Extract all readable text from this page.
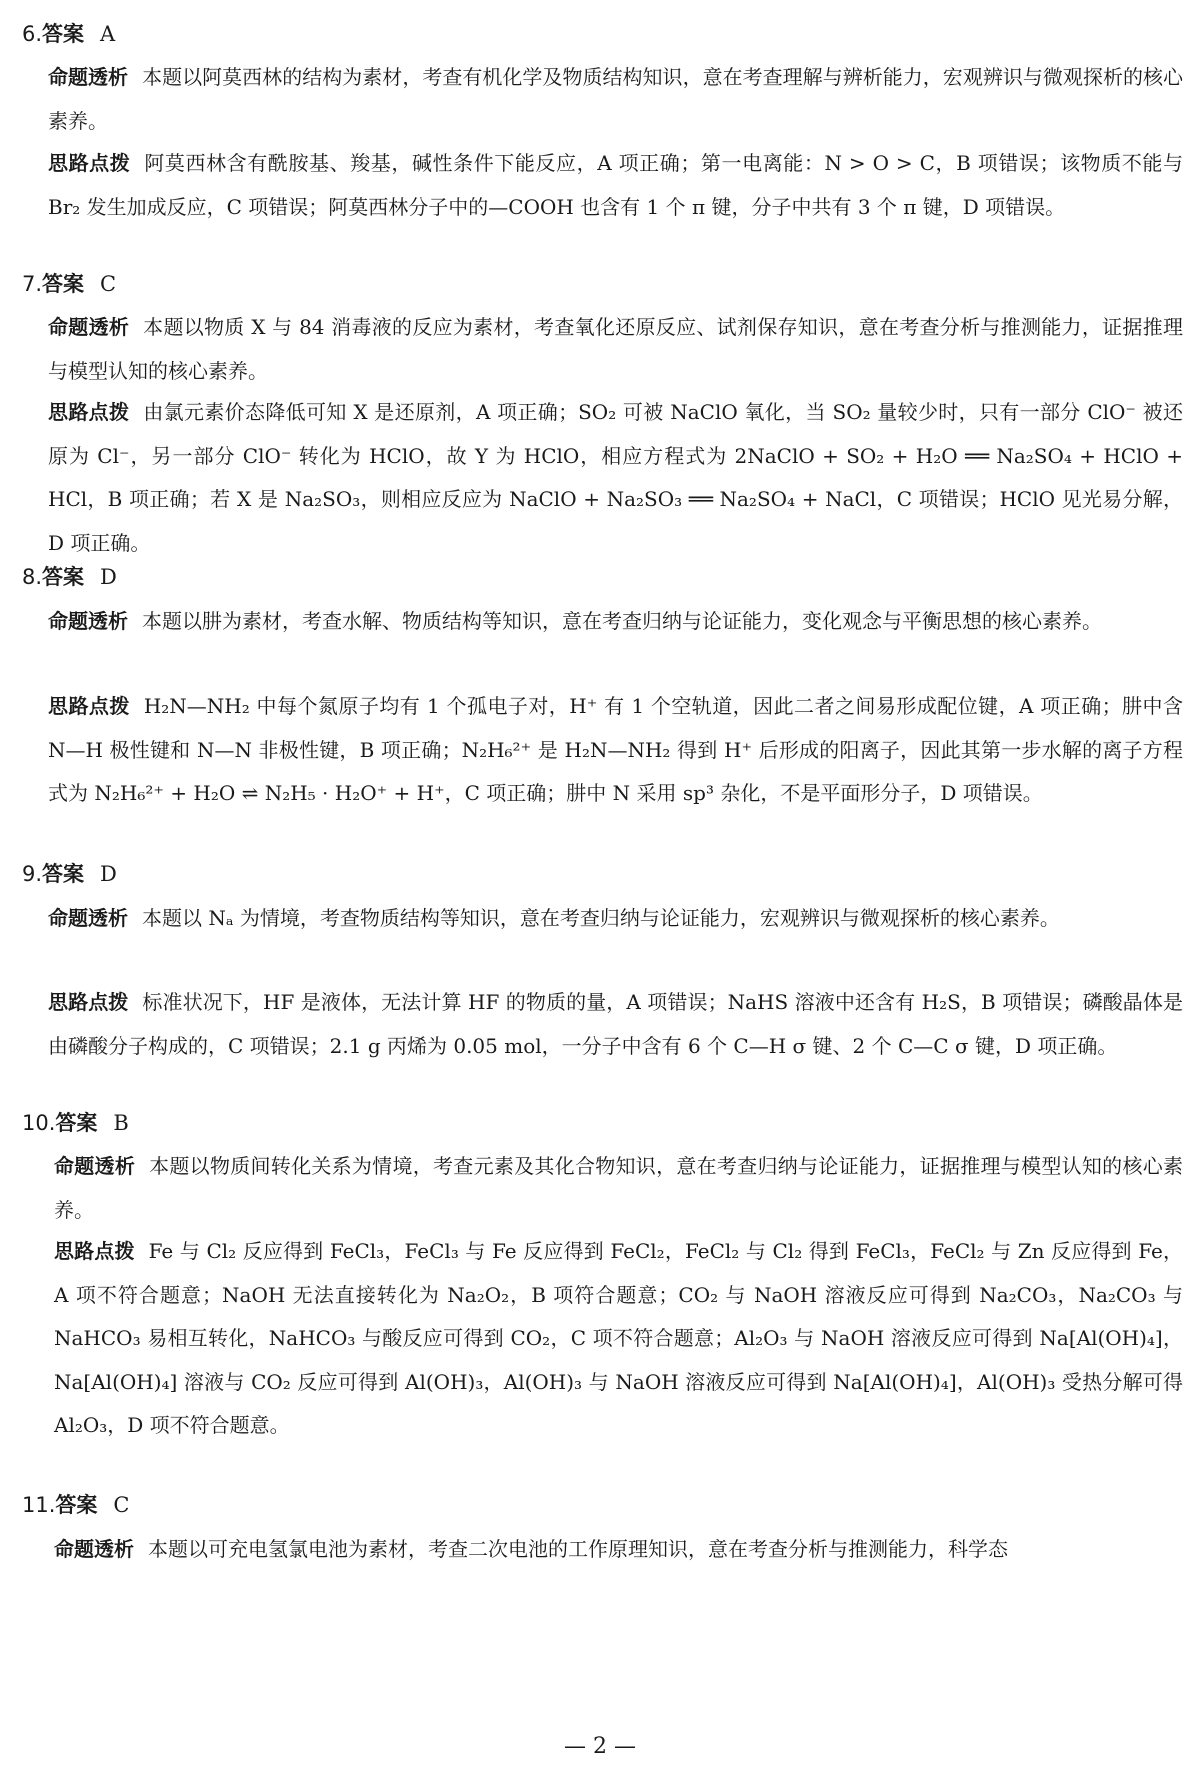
6.答案 A
命题透析 本题以阿莫西林的结构为素材，考查有机化学及物质结构知识，意在考查理解与辨析能力，宏观辨识与微观探析的核心素养。
思路点拨 阿莫西林含有酰胺基、羧基，碱性条件下能反应，A 项正确；第一电离能：N > O > C，B 项错误；该物质不能与 Br₂ 发生加成反应，C 项错误；阿莫西林分子中的—COOH 也含有 1 个 π 键，分子中共有 3 个 π 键，D 项错误。
7.答案 C
命题透析 本题以物质 X 与 84 消毒液的反应为素材，考查氧化还原反应、试剂保存知识，意在考查分析与推测能力，证据推理与模型认知的核心素养。
思路点拨 由氯元素价态降低可知 X 是还原剂，A 项正确；SO₂ 可被 NaClO 氧化，当 SO₂ 量较少时，只有一部分 ClO⁻ 被还原为 Cl⁻，另一部分 ClO⁻ 转化为 HClO，故 Y 为 HClO，相应方程式为 2NaClO + SO₂ + H₂O ══ Na₂SO₄ + HClO + HCl，B 项正确；若 X 是 Na₂SO₃，则相应反应为 NaClO + Na₂SO₃ ══ Na₂SO₄ + NaCl，C 项错误；HClO 见光易分解，D 项正确。
8.答案 D
命题透析 本题以肼为素材，考查水解、物质结构等知识，意在考查归纳与论证能力，变化观念与平衡思想的核心素养。
思路点拨 H₂N—NH₂ 中每个氮原子均有 1 个孤电子对，H⁺ 有 1 个空轨道，因此二者之间易形成配位键，A 项正确；肼中含 N—H 极性键和 N—N 非极性键，B 项正确；N₂H₆²⁺ 是 H₂N—NH₂ 得到 H⁺ 后形成的阳离子，因此其第一步水解的离子方程式为 N₂H₆²⁺ + H₂O ⇌ N₂H₅ · H₂O⁺ + H⁺，C 项正确；肼中 N 采用 sp³ 杂化，不是平面形分子，D 项错误。
9.答案 D
命题透析 本题以 Nₐ 为情境，考查物质结构等知识，意在考查归纳与论证能力，宏观辨识与微观探析的核心素养。
思路点拨 标准状况下，HF 是液体，无法计算 HF 的物质的量，A 项错误；NaHS 溶液中还含有 H₂S，B 项错误；磷酸晶体是由磷酸分子构成的，C 项错误；2.1 g 丙烯为 0.05 mol，一分子中含有 6 个 C—H σ 键、2 个 C—C σ 键，D 项正确。
10.答案 B
命题透析 本题以物质间转化关系为情境，考查元素及其化合物知识，意在考查归纳与论证能力，证据推理与模型认知的核心素养。
思路点拨 Fe 与 Cl₂ 反应得到 FeCl₃，FeCl₃ 与 Fe 反应得到 FeCl₂，FeCl₂ 与 Cl₂ 得到 FeCl₃，FeCl₂ 与 Zn 反应得到 Fe，A 项不符合题意；NaOH 无法直接转化为 Na₂O₂，B 项符合题意；CO₂ 与 NaOH 溶液反应可得到 Na₂CO₃，Na₂CO₃ 与 NaHCO₃ 易相互转化，NaHCO₃ 与酸反应可得到 CO₂，C 项不符合题意；Al₂O₃ 与 NaOH 溶液反应可得到 Na[Al(OH)₄]，Na[Al(OH)₄] 溶液与 CO₂ 反应可得到 Al(OH)₃，Al(OH)₃ 与 NaOH 溶液反应可得到 Na[Al(OH)₄]，Al(OH)₃ 受热分解可得 Al₂O₃，D 项不符合题意。
11.答案 C
命题透析 本题以可充电氢氯电池为素材，考查二次电池的工作原理知识，意在考查分析与推测能力，科学态
— 2 —
